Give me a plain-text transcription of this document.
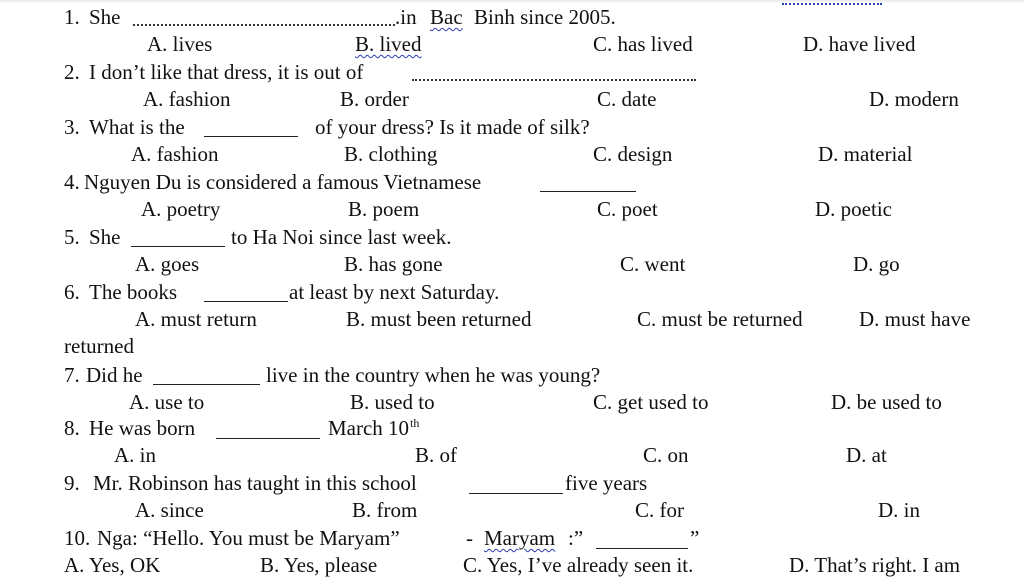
1. She	.in Bac Binh since 2005.
A. lives	B. lived	C. has lived	D. have lived
2. I don’t like that dress, it is out of
A. fashion	B. order	C. date	D. modern
3. What is the	of your dress? Is it made of silk?
A. fashion	B. clothing	C. design	D. material
4. Nguyen Du is considered a famous Vietnamese
A. poetry	B. poem	C. poet	D. poetic
5. She	to Ha Noi since last week.
A. goes	B. has gone	C. went	D. go
6. The books	at least by next Saturday.
A. must return	B. must been returned	C. must be returned	D. must have
returned
7. Did he	live in the country when he was young?
A. use to	B. used to	C. get used to	D. be used to
8. He was born	March 10 th
A. in	B. of	C. on	D. at
9. Mr. Robinson has taught in this school	five years
A. since	B. from	C. for	D. in
10. Nga: “Hello. You must be Maryam”	- Maryam :”	”
A. Yes, OK	B. Yes, please	C. Yes, I’ve already seen it.	D. That’s right. I am
